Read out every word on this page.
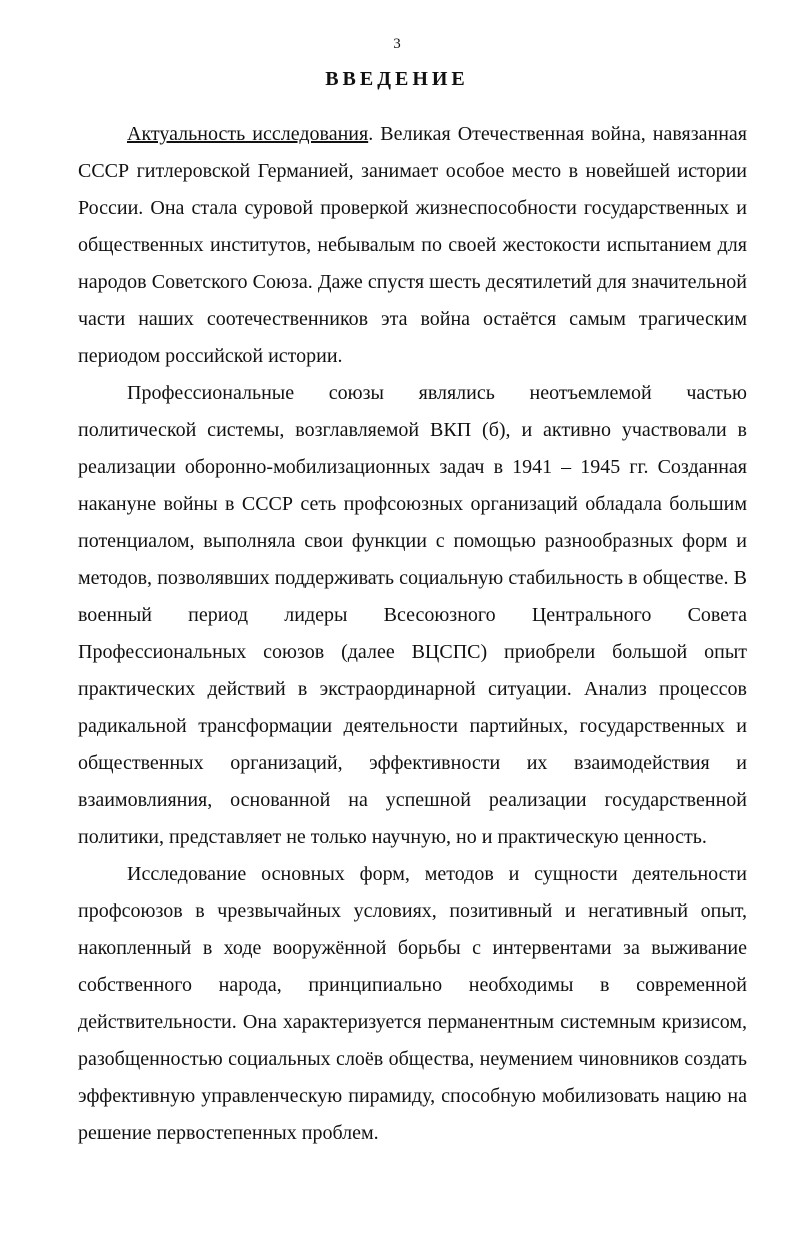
3
ВВЕДЕНИЕ

Актуальность исследования. Великая Отечественная война, навязанная СССР гитлеровской Германией, занимает особое место в новейшей истории России. Она стала суровой проверкой жизнеспособности государственных и общественных институтов, небывалым по своей жестокости испытанием для народов Советского Союза. Даже спустя шесть десятилетий для значительной части наших соотечественников эта война остаётся самым трагическим периодом российской истории.

Профессиональные союзы являлись неотъемлемой частью политической системы, возглавляемой ВКП (б), и активно участвовали в реализации оборонно-мобилизационных задач в 1941 – 1945 гг. Созданная накануне войны в СССР сеть профсоюзных организаций обладала большим потенциалом, выполняла свои функции с помощью разнообразных форм и методов, позволявших поддерживать социальную стабильность в обществе. В военный период лидеры Всесоюзного Центрального Совета Профессиональных союзов (далее ВЦСПС) приобрели большой опыт практических действий в экстраординарной ситуации. Анализ процессов радикальной трансформации деятельности партийных, государственных и общественных организаций, эффективности их взаимодействия и взаимовлияния, основанной на успешной реализации государственной политики, представляет не только научную, но и практическую ценность.

Исследование основных форм, методов и сущности деятельности профсоюзов в чрезвычайных условиях, позитивный и негативный опыт, накопленный в ходе вооружённой борьбы с интервентами за выживание собственного народа, принципиально необходимы в современной действительности. Она характеризуется перманентным системным кризисом, разобщенностью социальных слоёв общества, неумением чиновников создать эффективную управленческую пирамиду, способную мобилизовать нацию на решение первостепенных проблем.
